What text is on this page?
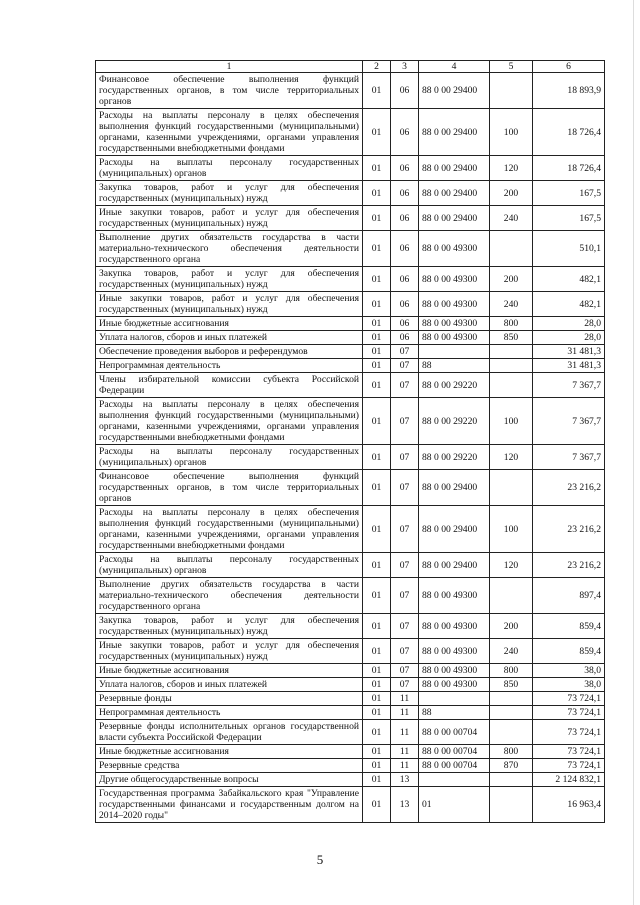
1	2	3	4	5	6
Финансовое обеспечение выполнения функций государственных органов, в том числе территориальных органов	01	06	88 0 00 29400		18 893,9
Расходы на выплаты персоналу в целях обеспечения выполнения функций государственными (муниципальными) органами, казенными учреждениями, органами управления государственными внебюджетными фондами	01	06	88 0 00 29400	100	18 726,4
Расходы на выплаты персоналу государственных (муниципальных) органов	01	06	88 0 00 29400	120	18 726,4
Закупка товаров, работ и услуг для обеспечения государственных (муниципальных) нужд	01	06	88 0 00 29400	200	167,5
Иные закупки товаров, работ и услуг для обеспечения государственных (муниципальных) нужд	01	06	88 0 00 29400	240	167,5
Выполнение других обязательств государства в части материально-технического обеспечения деятельности государственного органа	01	06	88 0 00 49300		510,1
Закупка товаров, работ и услуг для обеспечения государственных (муниципальных) нужд	01	06	88 0 00 49300	200	482,1
Иные закупки товаров, работ и услуг для обеспечения государственных (муниципальных) нужд	01	06	88 0 00 49300	240	482,1
Иные бюджетные ассигнования	01	06	88 0 00 49300	800	28,0
Уплата налогов, сборов и иных платежей	01	06	88 0 00 49300	850	28,0
Обеспечение проведения выборов и референдумов	01	07			31 481,3
Непрограммная деятельность	01	07	88		31 481,3
Члены избирательной комиссии субъекта Российской Федерации	01	07	88 0 00 29220		7 367,7
Расходы на выплаты персоналу в целях обеспечения выполнения функций государственными (муниципальными) органами, казенными учреждениями, органами управления государственными внебюджетными фондами	01	07	88 0 00 29220	100	7 367,7
Расходы на выплаты персоналу государственных (муниципальных) органов	01	07	88 0 00 29220	120	7 367,7
Финансовое обеспечение выполнения функций государственных органов, в том числе территориальных органов	01	07	88 0 00 29400		23 216,2
Расходы на выплаты персоналу в целях обеспечения выполнения функций государственными (муниципальными) органами, казенными учреждениями, органами управления государственными внебюджетными фондами	01	07	88 0 00 29400	100	23 216,2
Расходы на выплаты персоналу государственных (муниципальных) органов	01	07	88 0 00 29400	120	23 216,2
Выполнение других обязательств государства в части материально-технического обеспечения деятельности государственного органа	01	07	88 0 00 49300		897,4
Закупка товаров, работ и услуг для обеспечения государственных (муниципальных) нужд	01	07	88 0 00 49300	200	859,4
Иные закупки товаров, работ и услуг для обеспечения государственных (муниципальных) нужд	01	07	88 0 00 49300	240	859,4
Иные бюджетные ассигнования	01	07	88 0 00 49300	800	38,0
Уплата налогов, сборов и иных платежей	01	07	88 0 00 49300	850	38,0
Резервные фонды	01	11			73 724,1
Непрограммная деятельность	01	11	88		73 724,1
Резервные фонды исполнительных органов государственной власти субъекта Российской Федерации	01	11	88 0 00 00704		73 724,1
Иные бюджетные ассигнования	01	11	88 0 00 00704	800	73 724,1
Резервные средства	01	11	88 0 00 00704	870	73 724,1
Другие общегосударственные вопросы	01	13			2 124 832,1
Государственная программа Забайкальского края "Управление государственными финансами и государственным долгом на 2014–2020 годы"	01	13	01		16 963,4
5
